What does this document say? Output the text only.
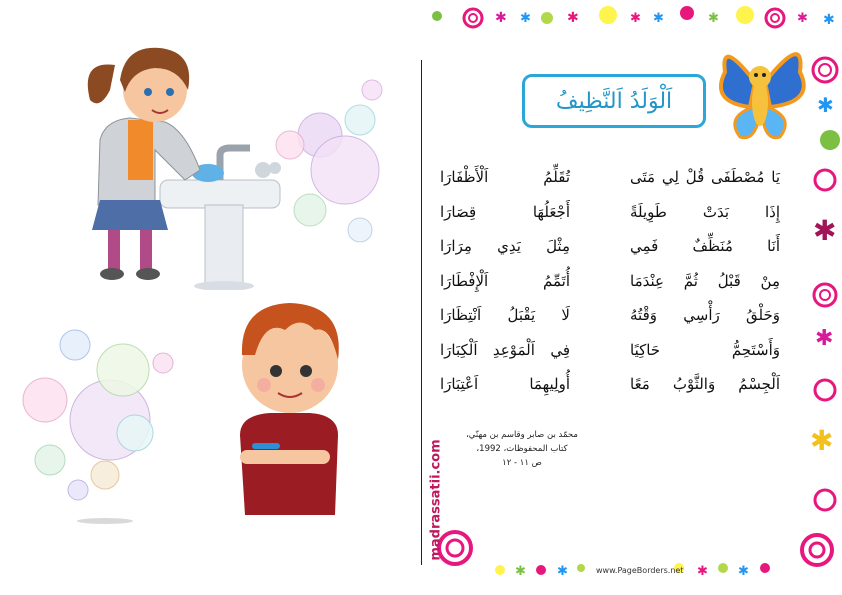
✱ ✱	✱	✱ ✱	✱	✱ ✱
✱
✱
✱
✱
✱ ✱	✱ ✱
اَلْوَلَدُ اَلنَّظِيفُ
يَا مُصْطَفَى قُلْ لِي مَتَى
تُقَلِّمُ اَلْأَظْفَارَا
إِذَا بَدَتْ طَوِيلَةً
أَجْعَلُهَا قِصَارَا
أَنَا مُنَظِّفٌ فَمِي
مِثْلَ يَدِي مِرَارَا
مِنْ قَبْلُ ثُمَّ عِنْدَمَا
أُتَمِّمُ اَلْإِفْطَارَا
وَحَلْقُ رَأْسِي وَقْتُهُ
لَا يَقْبَلُ اَنْتِظَارَا
وَأَسْتَحِمُّ حَاكِيًا
فِي اَلْمَوْعِدِ اَلْكِبَارَا
اَلْجِسْمُ وَالثَّوْبُ مَعًا
أُولِيهِمَا اَعْتِبَارَا
محمّد بن صابر وقاسم بن مهنّي،
كتاب المحفوظات، 1992،
ص ١١ - ١٢
madrassatii.com
www.PageBorders.net
